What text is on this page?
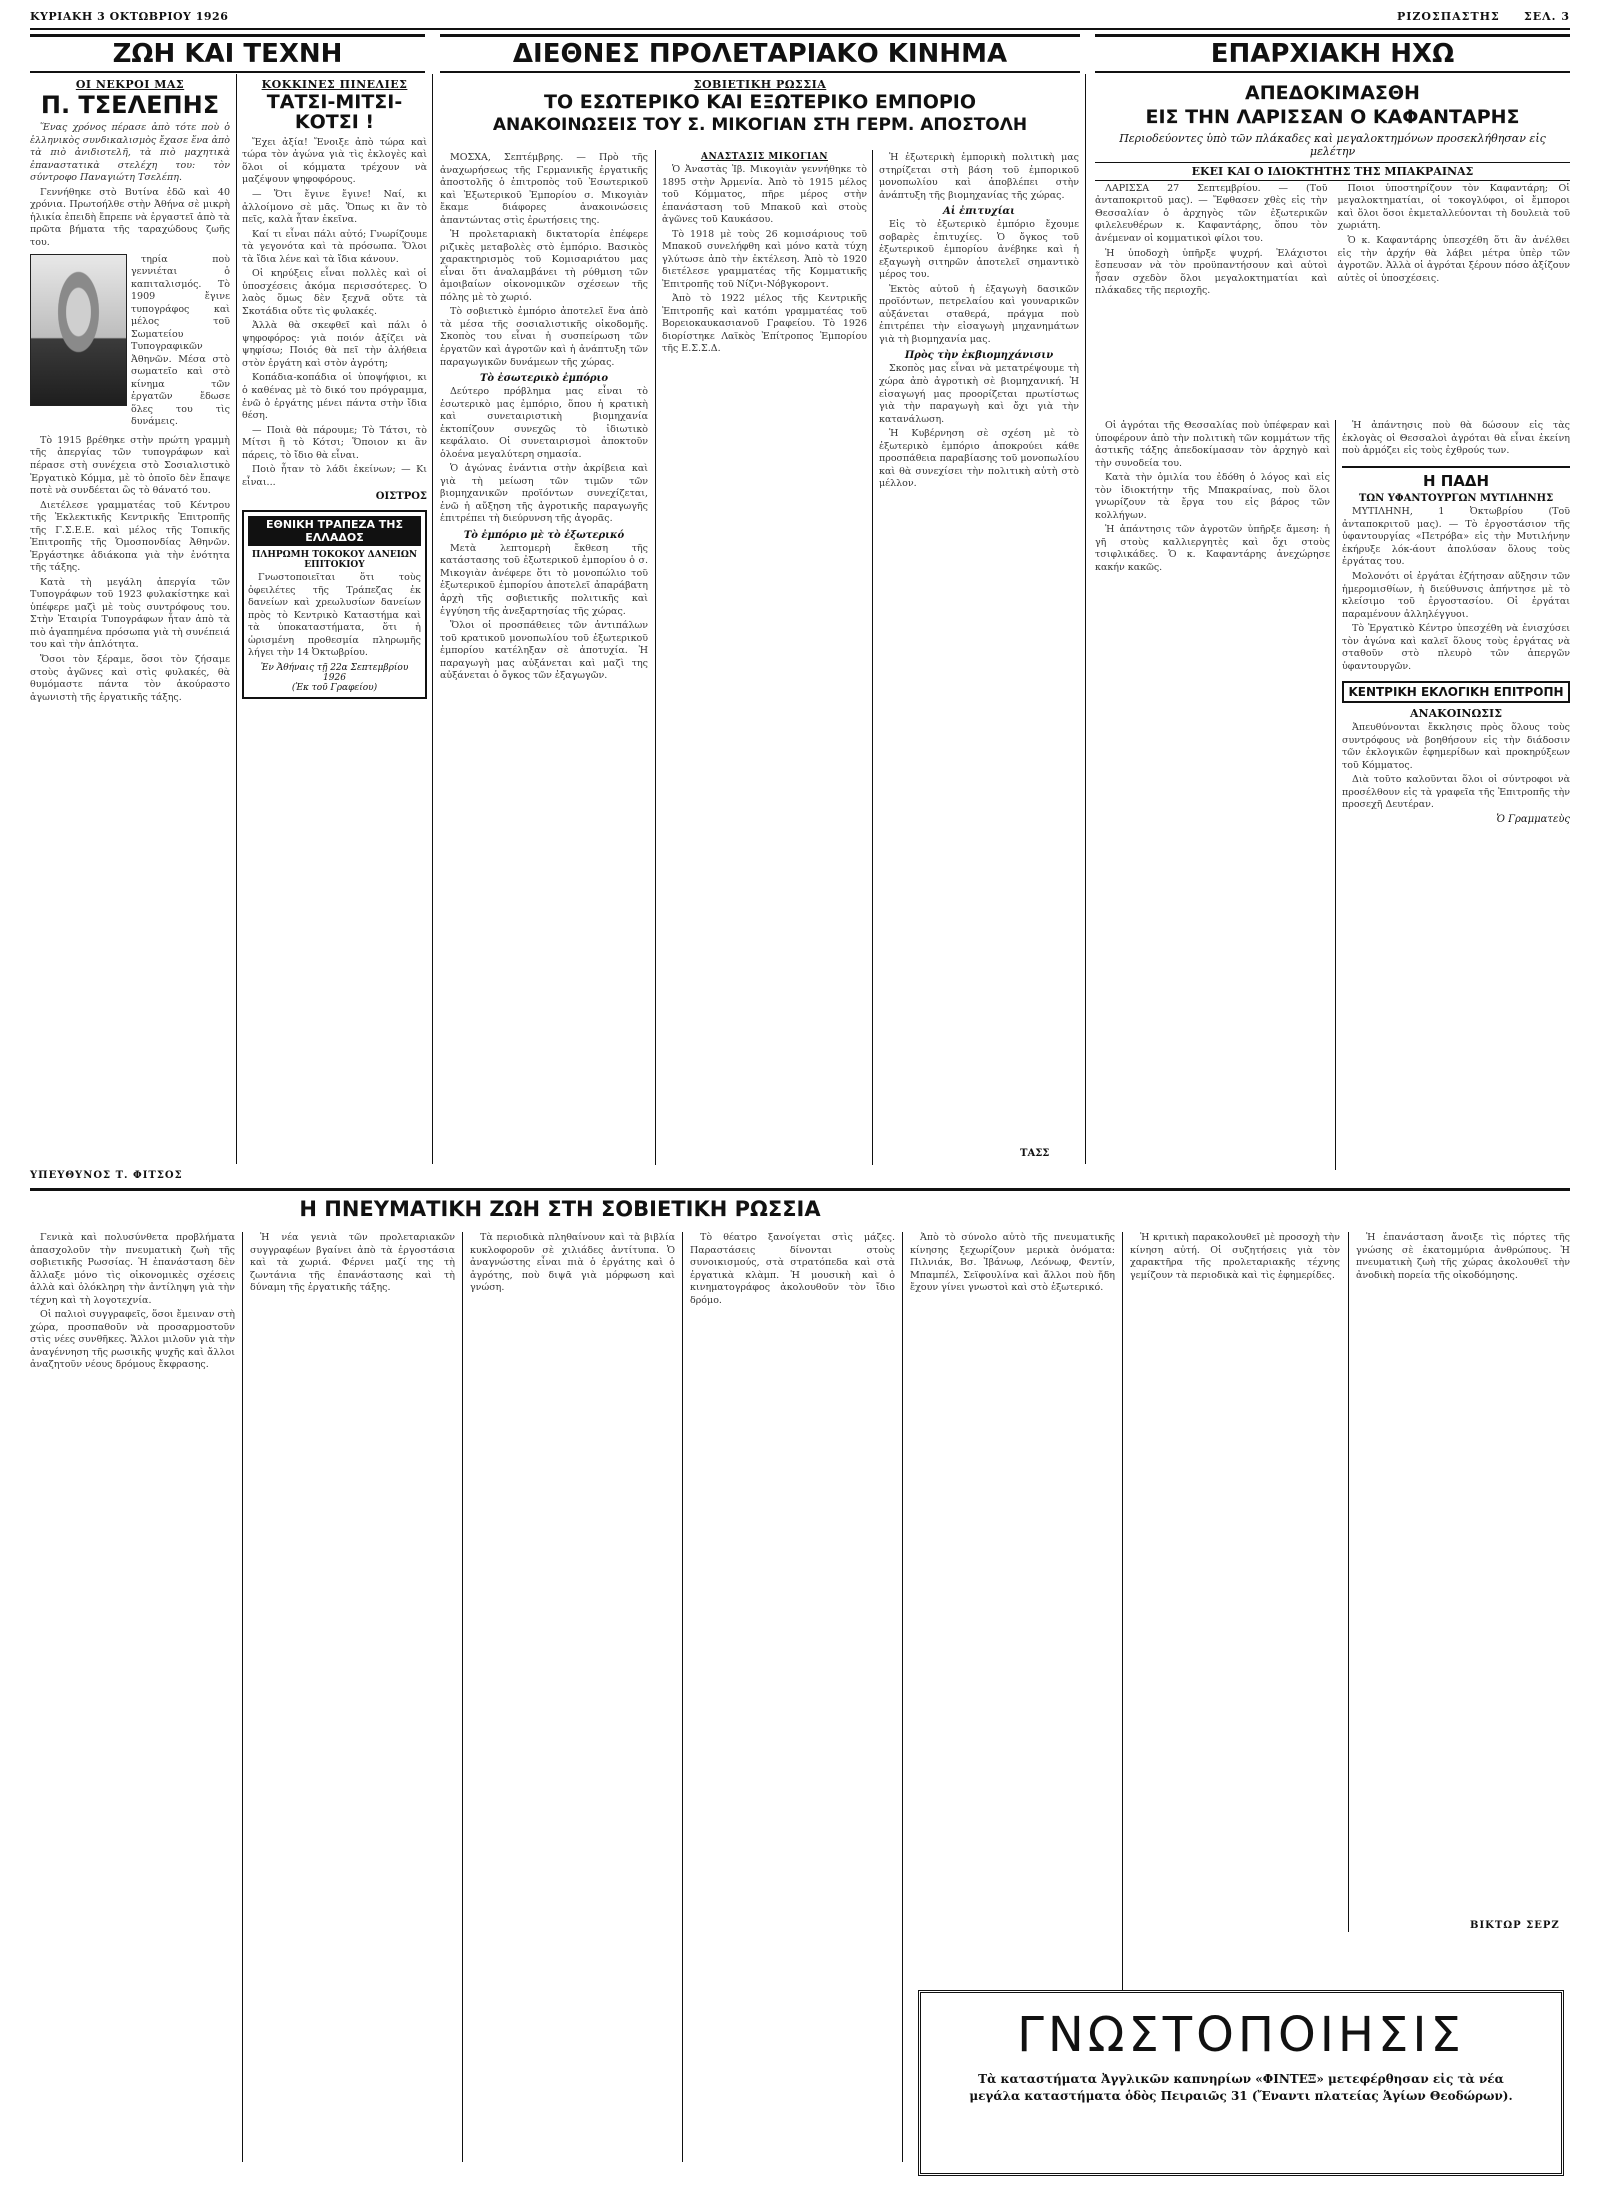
ΚΥΡΙΑΚΗ 3 ΟΚΤΩΒΡΙΟΥ 1926	ΡΙΖΟΣΠΑΣΤΗΣ ΣΕΛ. 3
ΖΩΗ ΚΑΙ ΤΕΧΝΗ	ΔΙΕΘΝΕΣ ΠΡΟΛΕΤΑΡΙΑΚΟ ΚΙΝΗΜΑ	ΕΠΑΡΧΙΑΚΗ ΗΧΩ
ΟΙ ΝΕΚΡΟΙ ΜΑΣ
Π. ΤΣΕΛΕΠΗΣ

Ἕνας χρόνος πέρασε ἀπὸ τότε ποὺ ὁ ἑλληνικὸς συνδικαλισμὸς ἔχασε ἕνα ἀπὸ τὰ πιὸ ἀνιδιοτελῆ, τὰ πιὸ μαχητικὰ ἐπαναστατικὰ στελέχη του: τὸν σύντροφο Παναγιώτη Τσελέπη.

Γεννήθηκε στὸ Βυτίνα ἐδῶ καὶ 40 χρόνια. Πρωτοήλθε στὴν Ἀθήνα σὲ μικρὴ ἡλικία ἐπειδὴ ἔπρεπε νὰ ἐργαστεῖ ἀπὸ τὰ πρῶτα βήματα τῆς ταραχώδους ζωῆς του.

τηρία ποὺ γεννιέται ὁ καπιταλισμός. Τὸ 1909 ἔγινε τυπογράφος καὶ μέλος τοῦ Σωματείου Τυπογραφικῶν Ἀθηνῶν. Μέσα στὸ σωματεῖο καὶ στὸ κίνημα τῶν ἐργατῶν ἔδωσε ὅλες του τὶς δυνάμεις.

Τὸ 1915 βρέθηκε στὴν πρώτη γραμμὴ τῆς ἀπεργίας τῶν τυπογράφων καὶ πέρασε στὴ συνέχεια στὸ Σοσιαλιστικὸ Ἐργατικὸ Κόμμα, μὲ τὸ ὁποῖο δὲν ἔπαψε ποτὲ νὰ συνδέεται ὣς τὸ θάνατό του.

Διετέλεσε γραμματέας τοῦ Κέντρου τῆς Ἐκλεκτικῆς Κεντρικῆς Ἐπιτροπῆς τῆς Γ.Σ.Ε.Ε. καὶ μέλος τῆς Τοπικῆς Ἐπιτροπῆς τῆς Ὁμοσπονδίας Ἀθηνῶν. Ἐργάστηκε ἀδιάκοπα γιὰ τὴν ἑνότητα τῆς τάξης.

Κατὰ τὴ μεγάλη ἀπεργία τῶν Τυπογράφων τοῦ 1923 φυλακίστηκε καὶ ὑπέφερε μαζὶ μὲ τοὺς συντρόφους του. Στὴν Ἑταιρία Τυπογράφων ἦταν ἀπὸ τὰ πιὸ ἀγαπημένα πρόσωπα γιὰ τὴ συνέπειά του καὶ τὴν ἀπλότητα.

Ὅσοι τὸν ξέραμε, ὅσοι τὸν ζήσαμε στοὺς ἀγῶνες καὶ στὶς φυλακές, θὰ θυμόμαστε πάντα τὸν ἀκούραστο ἀγωνιστὴ τῆς ἐργατικῆς τάξης.

ΥΠΕΥΘΥΝΟΣ Τ. ΦΙΤΣΟΣ
ΚΟΚΚΙΝΕΣ ΠΙΝΕΛΙΕΣ
ΤΑΤΣΙ-ΜΙΤΣΙ-ΚΟΤΣΙ !

Ἔχει ἀξία! Ἔνοιξε ἀπὸ τώρα καὶ τώρα τὸν ἀγώνα γιὰ τὶς ἐκλογὲς καὶ ὅλοι οἱ κόμματα τρέχουν νὰ μαζέψουν ψηφοφόρους.

— Ὅτι ἔγινε ἔγινε! Ναί, κι ἀλλοίμονο σὲ μᾶς. Ὅπως κι ἂν τὸ πεῖς, καλὰ ἦταν ἐκεῖνα.

Καί τι εἶναι πάλι αὐτό; Γνωρίζουμε τὰ γεγονότα καὶ τὰ πρόσωπα. Ὅλοι τὰ ἴδια λένε καὶ τὰ ἴδια κάνουν.

Οἱ κηρύξεις εἶναι πολλὲς καὶ οἱ ὑποσχέσεις ἀκόμα περισσότερες. Ὁ λαὸς ὅμως δὲν ξεχνᾶ οὔτε τὰ Σκοτάδια οὔτε τὶς φυλακές.

Ἀλλὰ θὰ σκεφθεῖ καὶ πάλι ὁ ψηφοφόρος: γιὰ ποιόν ἀξίζει νὰ ψηφίσω; Ποιός θὰ πεῖ τὴν ἀλήθεια στὸν ἐργάτη καὶ στὸν ἀγρότη;

Κοπάδια-κοπάδια οἱ ὑποψήφιοι, κι ὁ καθένας μὲ τὸ δικό του πρόγραμμα, ἐνῶ ὁ ἐργάτης μένει πάντα στὴν ἴδια θέση.

— Ποιὰ θὰ πάρουμε; Τὸ Τάτσι, τὸ Μίτσι ἢ τὸ Κότσι; Ὅποιον κι ἂν πάρεις, τὸ ἴδιο θὰ εἶναι.

Ποιὸ ἦταν τὸ λάδι ἐκείνων; — Κι εἶναι...

ΟΙΣΤΡΟΣ
ΕΘΝΙΚΗ ΤΡΑΠΕΖΑ ΤΗΣ ΕΛΛΑΔΟΣ
ΠΛΗΡΩΜΗ ΤΟΚΟΚΟΥ ΔΑΝΕΙΩΝ ΕΠΙΤΟΚΙΟΥ

Γνωστοποιεῖται ὅτι τοὺς ὀφειλέτες τῆς Τράπεζας ἐκ δανείων καὶ χρεωλυσίων δανείων πρὸς τὸ Κεντρικὸ Καταστήμα καὶ τὰ ὑποκαταστήματα, ὅτι ἡ ὡρισμένη προθεσμία πληρωμῆς λήγει τὴν 14 Ὀκτωβρίου.

Ἐν Ἀθήναις τῇ 22α Σεπτεμβρίου 1926
(Ἐκ τοῦ Γραφείου)
ΣΟΒΙΕΤΙΚΗ ΡΩΣΣΙΑ
ΤΟ ΕΣΩΤΕΡΙΚΟ ΚΑΙ ΕΞΩΤΕΡΙΚΟ ΕΜΠΟΡΙΟ
ΑΝΑΚΟΙΝΩΣΕΙΣ ΤΟΥ Σ. ΜΙΚΟΓΙΑΝ ΣΤΗ ΓΕΡΜ. ΑΠΟΣΤΟΛΗ

ΜΟΣΧΑ, Σεπτέμβρης. — Πρὸ τῆς ἀναχωρήσεως τῆς Γερμανικῆς ἐργατικῆς ἀποστολῆς ὁ ἐπιτροπὸς τοῦ Ἐσωτερικοῦ καὶ Ἐξωτερικοῦ Ἐμπορίου σ. Μικογιὰν ἔκαμε διάφορες ἀνακοινώσεις ἀπαντώντας στὶς ἐρωτήσεις της.

Ἡ προλεταριακὴ δικτατορία ἐπέφερε ριζικὲς μεταβολὲς στὸ ἐμπόριο. Βασικὸς χαρακτηρισμὸς τοῦ Κομισαριάτου μας εἶναι ὅτι ἀναλαμβάνει τὴ ρύθμιση τῶν ἀμοιβαίων οἰκονομικῶν σχέσεων τῆς πόλης μὲ τὸ χωριό.

Τὸ σοβιετικὸ ἐμπόριο ἀποτελεῖ ἕνα ἀπὸ τὰ μέσα τῆς σοσιαλιστικῆς οἰκοδομῆς. Σκοπὸς του εἶναι ἡ συσπείρωση τῶν ἐργατῶν καὶ ἀγροτῶν καὶ ἡ ἀνάπτυξη τῶν παραγωγικῶν δυνάμεων τῆς χώρας.

Τὸ ἐσωτερικὸ ἐμπόριο

Δεύτερο πρόβλημα μας εἶναι τὸ ἐσωτερικὸ μας ἐμπόριο, ὅπου ἡ κρατικὴ καὶ συνεταιριστικὴ βιομηχανία ἐκτοπίζουν συνεχῶς τὸ ἰδιωτικὸ κεφάλαιο. Οἱ συνεταιρισμοὶ ἀποκτοῦν ὁλοένα μεγαλύτερη σημασία.

Ὁ ἀγώνας ἐνάντια στὴν ἀκρίβεια καὶ γιὰ τὴ μείωση τῶν τιμῶν τῶν βιομηχανικῶν προϊόντων συνεχίζεται, ἐνῶ ἡ αὔξηση τῆς ἀγροτικῆς παραγωγῆς ἐπιτρέπει τὴ διεύρυνση τῆς ἀγορᾶς.

Τὸ ἐμπόριο μὲ τὸ ἐξωτερικό

Μετὰ λεπτομερὴ ἔκθεση τῆς κατάστασης τοῦ ἐξωτερικοῦ ἐμπορίου ὁ σ. Μικογιὰν ἀνέφερε ὅτι τὸ μονοπώλιο τοῦ ἐξωτερικοῦ ἐμπορίου ἀποτελεῖ ἀπαράβατη ἀρχὴ τῆς σοβιετικῆς πολιτικῆς καὶ ἐγγύηση τῆς ἀνεξαρτησίας τῆς χώρας.

Ὅλοι οἱ προσπάθειες τῶν ἀντιπάλων τοῦ κρατικοῦ μονοπωλίου τοῦ ἐξωτερικοῦ ἐμπορίου κατέληξαν σὲ ἀποτυχία. Ἡ παραγωγὴ μας αὐξάνεται καὶ μαζὶ της αὐξάνεται ὁ ὄγκος τῶν ἐξαγωγῶν.

ΑΝΑΣΤΑΣΙΣ ΜΙΚΟΓΙΑΝ

Ὁ Ἀναστὰς Ἰβ. Μικογιὰν γεννήθηκε τὸ 1895 στὴν Ἀρμενία. Ἀπὸ τὸ 1915 μέλος τοῦ Κόμματος, πῆρε μέρος στὴν ἐπανάσταση τοῦ Μπακοῦ καὶ στοὺς ἀγῶνες τοῦ Καυκάσου.

Τὸ 1918 μὲ τοὺς 26 κομισάριους τοῦ Μπακοῦ συνελήφθη καὶ μόνο κατὰ τύχη γλύτωσε ἀπὸ τὴν ἐκτέλεση. Ἀπὸ τὸ 1920 διετέλεσε γραμματέας τῆς Κομματικῆς Ἐπιτροπῆς τοῦ Νίζνι-Νόβγκοροντ.

Ἀπὸ τὸ 1922 μέλος τῆς Κεντρικῆς Ἐπιτροπῆς καὶ κατόπι γραμματέας τοῦ Βορειοκαυκασιανοῦ Γραφείου. Τὸ 1926 διορίστηκε Λαϊκὸς Ἐπίτροπος Ἐμπορίου τῆς Ε.Σ.Σ.Δ.

Ἡ ἐξωτερικὴ ἐμπορικὴ πολιτικὴ μας στηρίζεται στὴ βάση τοῦ ἐμπορικοῦ μονοπωλίου καὶ ἀποβλέπει στὴν ἀνάπτυξη τῆς βιομηχανίας τῆς χώρας.

Αἱ ἐπιτυχίαι

Εἰς τὸ ἐξωτερικὸ ἐμπόριο ἔχουμε σοβαρὲς ἐπιτυχίες. Ὁ ὄγκος τοῦ ἐξωτερικοῦ ἐμπορίου ἀνέβηκε καὶ ἡ εξαγωγὴ σιτηρῶν ἀποτελεῖ σημαντικὸ μέρος του.

Ἐκτὸς αὐτοῦ ἡ ἐξαγωγὴ δασικῶν προϊόντων, πετρελαίου καὶ γουναρικῶν αὐξάνεται σταθερά, πράγμα ποὺ ἐπιτρέπει τὴν εἰσαγωγὴ μηχανημάτων γιὰ τὴ βιομηχανία μας.

Πρὸς τὴν ἐκβιομηχάνισιν

Σκοπὸς μας εἶναι νὰ μετατρέψουμε τὴ χώρα ἀπὸ ἀγροτικὴ σὲ βιομηχανική. Ἡ εἰσαγωγή μας προορίζεται πρωτίστως γιὰ τὴν παραγωγὴ καὶ ὄχι γιὰ τὴν κατανάλωση.

Ἡ Κυβέρνηση σὲ σχέση μὲ τὸ ἐξωτερικὸ ἐμπόριο ἀποκρούει κάθε προσπάθεια παραβίασης τοῦ μονοπωλίου καὶ θὰ συνεχίσει τὴν πολιτικὴ αὐτὴ στὸ μέλλον.

ΤΑΣΣ
ΑΠΕΔΟΚΙΜΑΣΘΗ
ΕΙΣ ΤΗΝ ΛΑΡΙΣΣΑΝ Ο ΚΑΦΑΝΤΑΡΗΣ
Περιοδεύοντες ὑπὸ τῶν πλάκαδες καὶ μεγαλοκτημόνων προσεκλήθησαν εἰς μελέτην
ΕΚΕΙ ΚΑΙ Ο ΙΔΙΟΚΤΗΤΗΣ ΤΗΣ ΜΠΑΚΡΑΙΝΑΣ

ΛΑΡΙΣΣΑ 27 Σεπτεμβρίου. — (Τοῦ ἀνταποκριτοῦ μας). — Ἔφθασεν χθὲς εἰς τὴν Θεσσαλίαν ὁ ἀρχηγὸς τῶν ἐξωτερικῶν φιλελευθέρων κ. Καφαντάρης, ὅπου τὸν ἀνέμεναν οἱ κομματικοὶ φίλοι του.

Ἡ ὑποδοχὴ ὑπῆρξε ψυχρή. Ἐλάχιστοι ἔσπευσαν νὰ τὸν προϋπαντήσουν καὶ αὐτοὶ ἦσαν σχεδὸν ὅλοι μεγαλοκτηματίαι καὶ πλάκαδες τῆς περιοχῆς.

Ποιοι ὑποστηρίζουν τὸν Καφαντάρη; Οἱ μεγαλοκτηματίαι, οἱ τοκογλύφοι, οἱ ἔμποροι καὶ ὅλοι ὅσοι ἐκμεταλλεύονται τὴ δουλειὰ τοῦ χωριάτη.

Ὁ κ. Καφαντάρης ὑπεσχέθη ὅτι ἂν ἀνέλθει εἰς τὴν ἀρχήν θὰ λάβει μέτρα ὑπὲρ τῶν ἀγροτῶν. Ἀλλὰ οἱ ἀγρόται ξέρουν πόσο ἀξίζουν αὐτὲς οἱ ὑποσχέσεις.

Οἱ ἀγρόται τῆς Θεσσαλίας ποὺ ὑπέφεραν καὶ ὑποφέρουν ἀπὸ τὴν πολιτικὴ τῶν κομμάτων τῆς ἀστικῆς τάξης ἀπεδοκίμασαν τὸν ἀρχηγὸ καὶ τὴν συνοδεία του.

Κατὰ τὴν ὁμιλία του ἐδόθη ὁ λόγος καὶ εἰς τὸν ἰδιοκτήτην τῆς Μπακραίνας, ποὺ ὅλοι γνωρίζουν τὰ ἔργα του εἰς βάρος τῶν κολλήγων.

Ἡ ἀπάντησις τῶν ἀγροτῶν ὑπῆρξε ἄμεση: ἡ γῆ στοὺς καλλιεργητὲς καὶ ὄχι στοὺς τσιφλικάδες. Ὁ κ. Καφαντάρης ἀνεχώρησε κακήν κακῶς.

Ἡ ἀπάντησις ποὺ θὰ δώσουν εἰς τὰς ἐκλογὰς οἱ Θεσσαλοὶ ἀγρόται θὰ εἶναι ἐκείνη ποὺ ἀρμόζει εἰς τοὺς ἐχθρούς των.

Η ΠΑΔΗ
ΤΩΝ ΥΦΑΝΤΟΥΡΓΩΝ ΜΥΤΙΛΗΝΗΣ

ΜΥΤΙΛΗΝΗ, 1 Ὀκτωβρίου (Τοῦ ἀνταποκριτοῦ μας). — Τὸ ἐργοστάσιον τῆς ὑφαντουργίας «Πετρόβα» εἰς τὴν Μυτιλήνην ἐκήρυξε λόκ-άουτ ἀπολύσαν ὅλους τοὺς ἐργάτας του.

Μολονότι οἱ ἐργάται ἐζήτησαν αὔξησιν τῶν ἡμερομισθίων, ἡ διεύθυνσις ἀπήντησε μὲ τὸ κλείσιμο τοῦ ἐργοστασίου. Οἱ ἐργάται παραμένουν ἀλληλέγγυοι.

Τὸ Ἐργατικὸ Κέντρο ὑπεσχέθη νὰ ἐνισχύσει τὸν ἀγώνα καὶ καλεῖ ὅλους τοὺς ἐργάτας νὰ σταθοῦν στὸ πλευρὸ τῶν ἀπεργῶν ὑφαντουργῶν.

ΚΕΝΤΡΙΚΗ ΕΚΛΟΓΙΚΗ ΕΠΙΤΡΟΠΗ
ΑΝΑΚΟΙΝΩΣΙΣ

Ἀπευθύνονται ἔκκλησις πρὸς ὅλους τοὺς συντρόφους νὰ βοηθήσουν εἰς τὴν διάδοσιν τῶν ἐκλογικῶν ἐφημερίδων καὶ προκηρύξεων τοῦ Κόμματος.

Διὰ τοῦτο καλοῦνται ὅλοι οἱ σύντροφοι νὰ προσέλθουν εἰς τὰ γραφεῖα τῆς Ἐπιτροπῆς τὴν προσεχῆ Δευτέραν.

Ὁ Γραμματεὺς
Η ΠΝΕΥΜΑΤΙΚΗ ΖΩΗ ΣΤΗ ΣΟΒΙΕΤΙΚΗ ΡΩΣΣΙΑ

Γενικὰ καὶ πολυσύνθετα προβλήματα ἀπασχολοῦν τὴν πνευματικὴ ζωὴ τῆς σοβιετικῆς Ρωσσίας. Ἡ ἐπανάσταση δὲν ἄλλαξε μόνο τὶς οἰκονομικὲς σχέσεις ἀλλὰ καὶ ὁλόκληρη τὴν ἀντίληψη γιὰ τὴν τέχνη καὶ τὴ λογοτεχνία.

Οἱ παλιοὶ συγγραφεῖς, ὅσοι ἔμειναν στὴ χώρα, προσπαθοῦν νὰ προσαρμοστοῦν στὶς νέες συνθῆκες. Ἄλλοι μιλοῦν γιὰ τὴν ἀναγέννηση τῆς ρωσικῆς ψυχῆς καὶ ἄλλοι ἀναζητοῦν νέους δρόμους ἔκφρασης.

Ἡ νέα γενιὰ τῶν προλεταριακῶν συγγραφέων βγαίνει ἀπὸ τὰ ἐργοστάσια καὶ τὰ χωριά. Φέρνει μαζί της τὴ ζωντάνια τῆς ἐπανάστασης καὶ τὴ δύναμη τῆς ἐργατικῆς τάξης.

Τὰ περιοδικὰ πληθαίνουν καὶ τὰ βιβλία κυκλοφοροῦν σὲ χιλιάδες ἀντίτυπα. Ὁ ἀναγνώστης εἶναι πιὰ ὁ ἐργάτης καὶ ὁ ἀγρότης, ποὺ διψᾶ γιὰ μόρφωση καὶ γνώση.

Τὸ θέατρο ξανοίγεται στὶς μάζες. Παραστάσεις δίνονται στοὺς συνοικισμούς, στὰ στρατόπεδα καὶ στὰ ἐργατικὰ κλὰμπ. Ἡ μουσικὴ καὶ ὁ κινηματογράφος ἀκολουθοῦν τὸν ἴδιο δρόμο.

Ἀπὸ τὸ σύνολο αὐτὸ τῆς πνευματικῆς κίνησης ξεχωρίζουν μερικὰ ὀνόματα: Πιλνιάκ, Βσ. Ἰβάνωφ, Λεόνωφ, Φεντίν, Μπαμπέλ, Σεϊφουλίνα καὶ ἄλλοι ποὺ ἤδη ἔχουν γίνει γνωστοὶ καὶ στὸ ἐξωτερικό.

Ἡ κριτικὴ παρακολουθεῖ μὲ προσοχὴ τὴν κίνηση αὐτή. Οἱ συζητήσεις γιὰ τὸν χαρακτῆρα τῆς προλεταριακῆς τέχνης γεμίζουν τὰ περιοδικὰ καὶ τὶς ἐφημερίδες.

Ἡ ἐπανάσταση ἄνοιξε τὶς πόρτες τῆς γνώσης σὲ ἑκατομμύρια ἀνθρώπους. Ἡ πνευματικὴ ζωὴ τῆς χώρας ἀκολουθεῖ τὴν ἀνοδικὴ πορεία τῆς οἰκοδόμησης.

ΒΙΚΤΩΡ ΣΕΡΖ
ΓΝΩΣΤΟΠΟΙΗΣΙΣ
Τὰ καταστήματα Ἀγγλικῶν καπνηρίων «ΦΙΝΤΕΞ» μετεφέρθησαν εἰς τὰ νέα μεγάλα καταστήματα ὁδὸς Πειραιῶς 31 (Ἔναντι πλατείας Ἁγίων Θεοδώρων).
